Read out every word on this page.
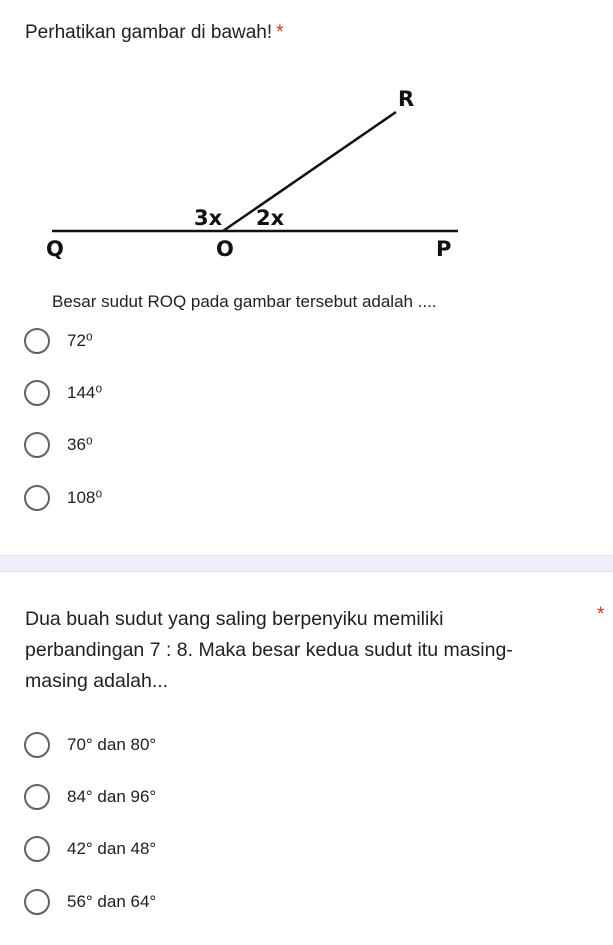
Perhatikan gambar di bawah! *
R
Q	O	P
3x 2x
Besar sudut ROQ pada gambar tersebut adalah ....
72⁰
144⁰
36⁰
108⁰
Dua buah sudut yang saling berpenyiku memiliki perbandingan 7 : 8. Maka besar kedua sudut itu masing-masing adalah...
*
70° dan 80°
84° dan 96°
42° dan 48°
56° dan 64°
